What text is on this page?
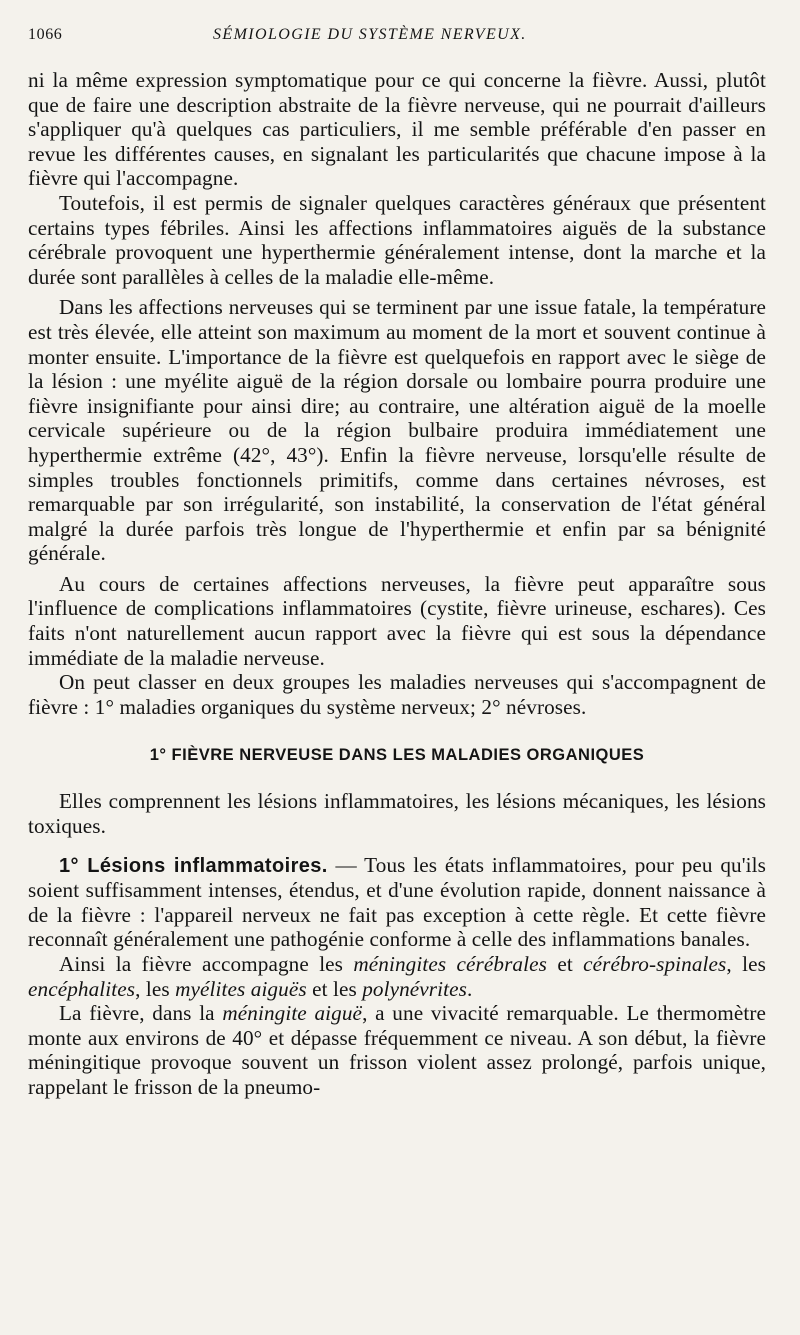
1066	SÉMIOLOGIE DU SYSTÈME NERVEUX.

ni la même expression symptomatique pour ce qui concerne la fièvre. Aussi, plutôt que de faire une description abstraite de la fièvre nerveuse, qui ne pourrait d'ailleurs s'appliquer qu'à quelques cas particuliers, il me semble préférable d'en passer en revue les différentes causes, en signalant les particularités que chacune impose à la fièvre qui l'accompagne.

Toutefois, il est permis de signaler quelques caractères généraux que présentent certains types fébriles. Ainsi les affections inflammatoires aiguës de la substance cérébrale provoquent une hyperthermie généralement intense, dont la marche et la durée sont parallèles à celles de la maladie elle-même.

Dans les affections nerveuses qui se terminent par une issue fatale, la température est très élevée, elle atteint son maximum au moment de la mort et souvent continue à monter ensuite. L'importance de la fièvre est quelquefois en rapport avec le siège de la lésion : une myélite aiguë de la région dorsale ou lombaire pourra produire une fièvre insignifiante pour ainsi dire; au contraire, une altération aiguë de la moelle cervicale supérieure ou de la région bulbaire produira immédiatement une hyperthermie extrême (42°, 43°). Enfin la fièvre nerveuse, lorsqu'elle résulte de simples troubles fonctionnels primitifs, comme dans certaines névroses, est remarquable par son irrégularité, son instabilité, la conservation de l'état général malgré la durée parfois très longue de l'hyperthermie et enfin par sa bénignité générale.

Au cours de certaines affections nerveuses, la fièvre peut apparaître sous l'influence de complications inflammatoires (cystite, fièvre urineuse, eschares). Ces faits n'ont naturellement aucun rapport avec la fièvre qui est sous la dépendance immédiate de la maladie nerveuse.

On peut classer en deux groupes les maladies nerveuses qui s'accompagnent de fièvre : 1° maladies organiques du système nerveux; 2° névroses.

1° FIÈVRE NERVEUSE DANS LES MALADIES ORGANIQUES

Elles comprennent les lésions inflammatoires, les lésions mécaniques, les lésions toxiques.

1° Lésions inflammatoires. — Tous les états inflammatoires, pour peu qu'ils soient suffisamment intenses, étendus, et d'une évolution rapide, donnent naissance à de la fièvre : l'appareil nerveux ne fait pas exception à cette règle. Et cette fièvre reconnaît généralement une pathogénie conforme à celle des inflammations banales.

Ainsi la fièvre accompagne les méningites cérébrales et cérébro-spinales, les encéphalites, les myélites aiguës et les polynévrites.

La fièvre, dans la méningite aiguë, a une vivacité remarquable. Le thermomètre monte aux environs de 40° et dépasse fréquemment ce niveau. A son début, la fièvre méningitique provoque souvent un frisson violent assez prolongé, parfois unique, rappelant le frisson de la pneumo-
